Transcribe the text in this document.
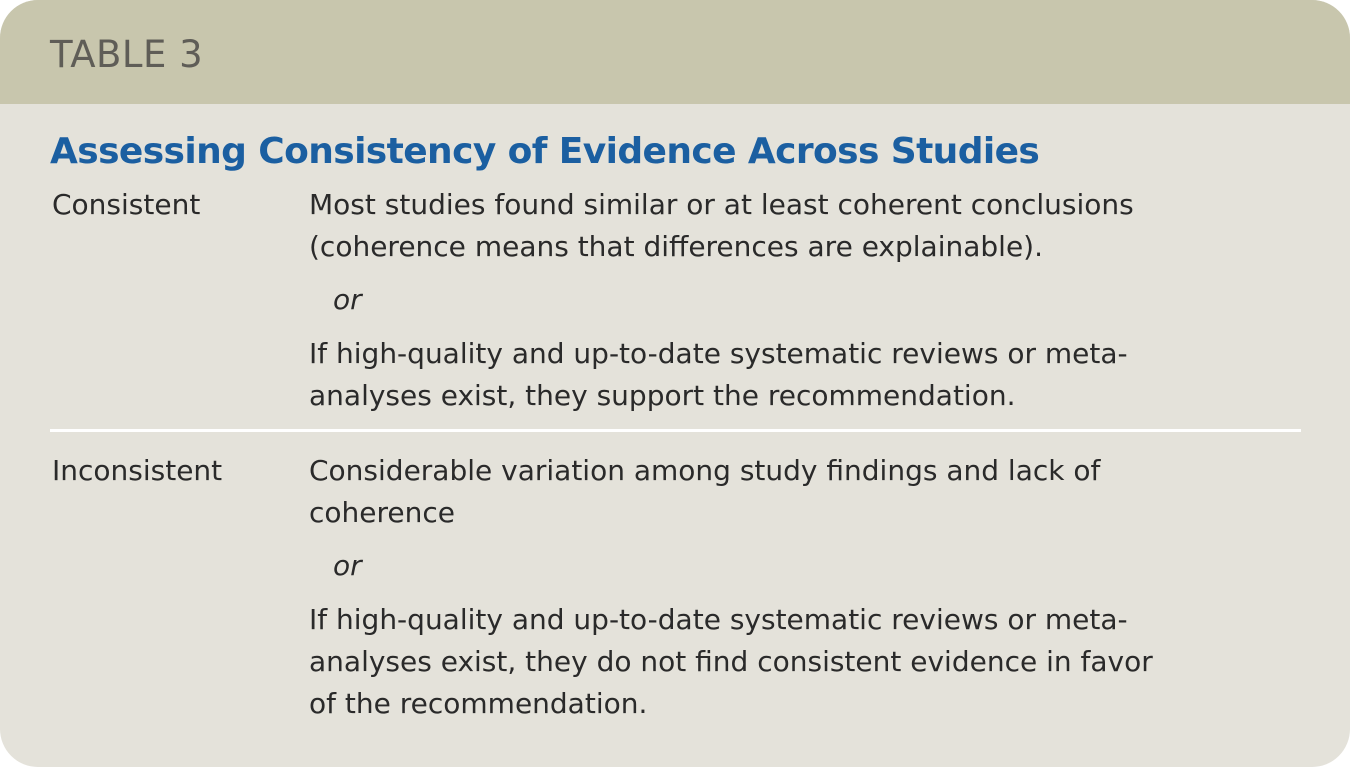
TABLE 3
Assessing Consistency of Evidence Across Studies
Consistent	Most studies found similar or at least coherent conclusions
(coherence means that differences are explainable).
or
If high-quality and up-to-date systematic reviews or meta-
analyses exist, they support the recommendation.
Inconsistent	Considerable variation among study findings and lack of
coherence
or
If high-quality and up-to-date systematic reviews or meta-
analyses exist, they do not find consistent evidence in favor
of the recommendation.
